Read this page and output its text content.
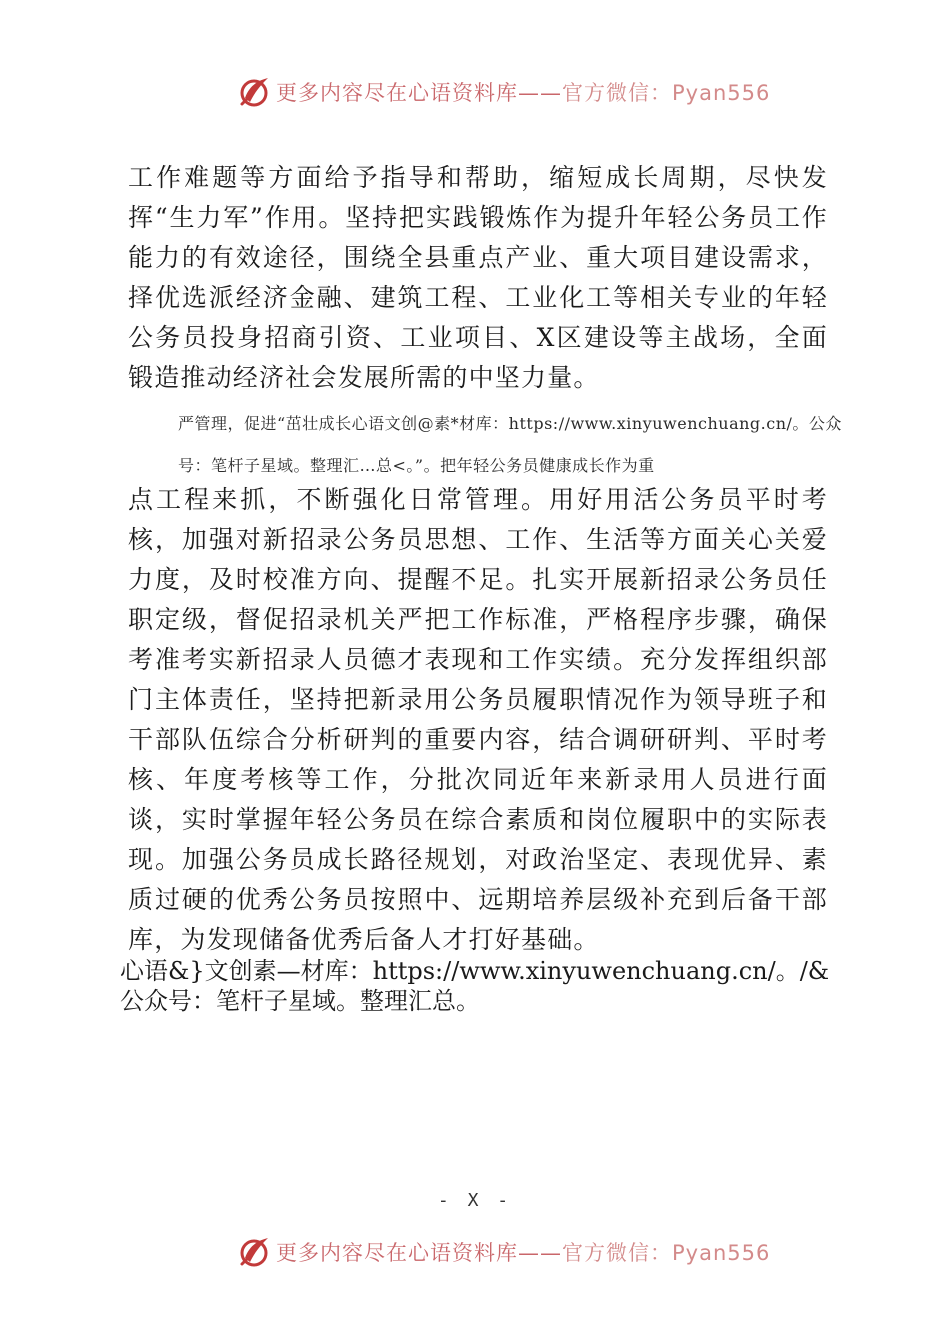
更多内容尽在心语资料库——官方微信：Pyan556

工作难题等方面给予指导和帮助，缩短成长周期，尽快发挥“生力军”作用。坚持把实践锻炼作为提升年轻公务员工作能力的有效途径，围绕全县重点产业、重大项目建设需求，择优选派经济金融、建筑工程、工业化工等相关专业的年轻公务员投身招商引资、工业项目、X区建设等主战场，全面锻造推动经济社会发展所需的中坚力量。

严管理，促进“茁壮成长心语文创@素*材库：https://www.xinyuwenchuang.cn/。公众
号：笔杆子星域。整理汇…总<。”。把年轻公务员健康成长作为重

点工程来抓，不断强化日常管理。用好用活公务员平时考核，加强对新招录公务员思想、工作、生活等方面关心关爱力度，及时校准方向、提醒不足。扎实开展新招录公务员任职定级，督促招录机关严把工作标准，严格程序步骤，确保考准考实新招录人员德才表现和工作实绩。充分发挥组织部门主体责任，坚持把新录用公务员履职情况作为领导班子和干部队伍综合分析研判的重要内容，结合调研研判、平时考核、年度考核等工作，分批次同近年来新录用人员进行面谈，实时掌握年轻公务员在综合素质和岗位履职中的实际表现。加强公务员成长路径规划，对政治坚定、表现优异、素质过硬的优秀公务员按照中、远期培养层级补充到后备干部库，为发现储备优秀后备人才打好基础。

心语&}文创素—材库：https://www.xinyuwenchuang.cn/。/&公众号：笔杆子星域。整理汇总。

- X -
更多内容尽在心语资料库——官方微信：Pyan556
